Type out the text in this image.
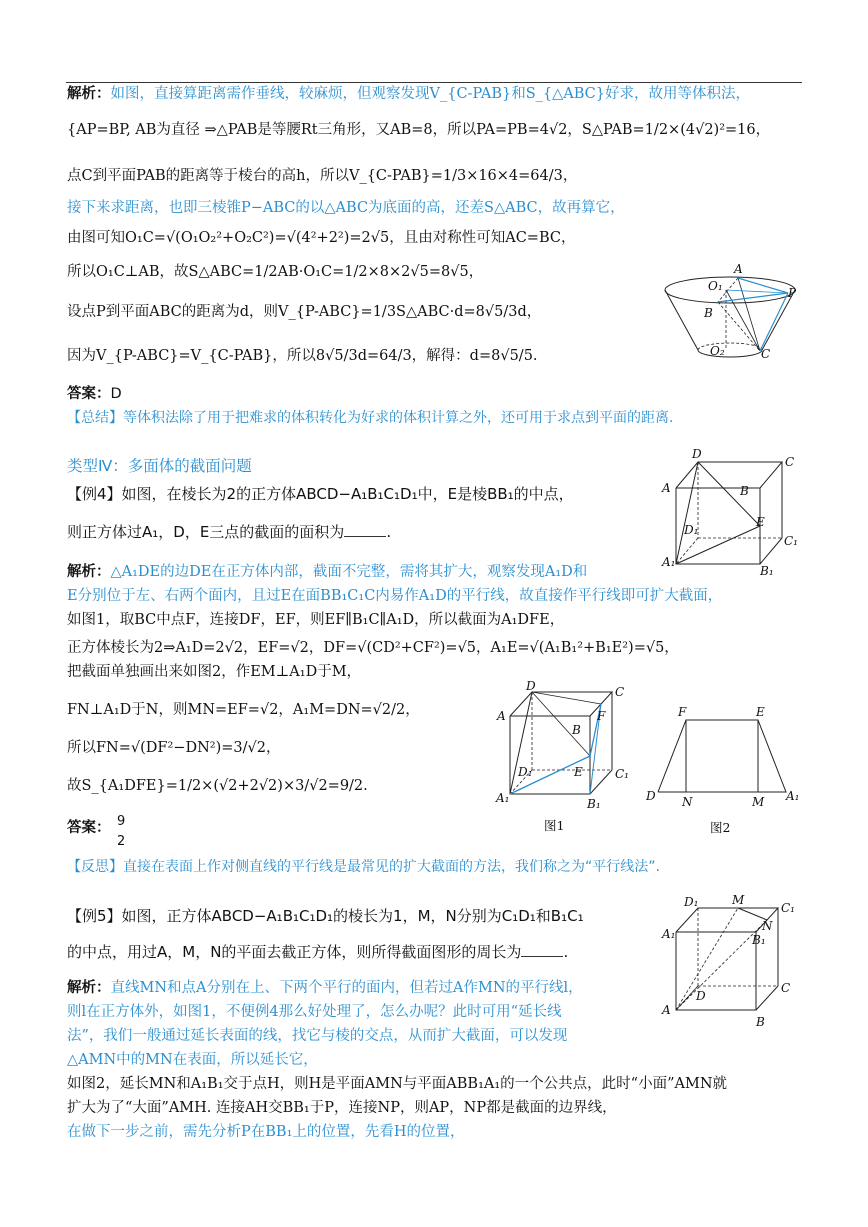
解析：如图，直接算距离需作垂线，较麻烦，但观察发现V_{C-PAB}和S_{△ABC}好求，故用等体积法，
{AP=BP, AB为直径 ⇒△PAB是等腰Rt三角形，又AB=8，所以PA=PB=4√2，S△PAB=1/2×(4√2)²=16，
点C到平面PAB的距离等于棱台的高h，所以V_{C-PAB}=1/3×16×4=64/3，
接下来求距离，也即三棱锥P−ABC的以△ABC为底面的高，还差S△ABC，故再算它，
由图可知O₁C=√(O₁O₂²+O₂C²)=√(4²+2²)=2√5，且由对称性可知AC=BC，
所以O₁C⊥AB，故S△ABC=1/2AB·O₁C=1/2×8×2√5=8√5，
设点P到平面ABC的距离为d，则V_{P-ABC}=1/3S△ABC·d=8√5/3d，
因为V_{P-ABC}=V_{C-PAB}，所以8√5/3d=64/3，解得：d=8√5/5.
答案：D
【总结】等体积法除了用于把难求的体积转化为好求的体积计算之外，还可用于求点到平面的距离.
A
O₁	P
B
O₂	C
类型Ⅳ：多面体的截面问题
【例4】如图，在棱长为2的正方体ABCD−A₁B₁C₁D₁中，E是棱BB₁的中点，
则正方体过A₁，D，E三点的截面的面积为	.
D
C
A	B
E
D₁
C₁
A₁
B₁
解析：△A₁DE的边DE在正方体内部，截面不完整，需将其扩大，观察发现A₁D和
E分别位于左、右两个面内，且过E在面BB₁C₁C内易作A₁D的平行线，故直接作平行线即可扩大截面，
如图1，取BC中点F，连接DF，EF，则EF∥B₁C∥A₁D，所以截面为A₁DFE，
正方体棱长为2⇒A₁D=2√2，EF=√2，DF=√(CD²+CF²)=√5，A₁E=√(A₁B₁²+B₁E²)=√5，
把截面单独画出来如图2，作EM⊥A₁D于M，
FN⊥A₁D于N，则MN=EF=√2，A₁M=DN=√2/2，
所以FN=√(DF²−DN²)=3/√2，
故S_{A₁DFE}=1/2×(√2+2√2)×3/√2=9/2.
答案： 9
2
【反思】直接在表面上作对侧直线的平行线是最常见的扩大截面的方法，我们称之为“平行线法”.
D	C
A
B
F
E
D₁	C₁
A₁	B₁
图1
F	E
D N	M A₁
图2
【例5】如图，正方体ABCD−A₁B₁C₁D₁的棱长为1，M，N分别为C₁D₁和B₁C₁
的中点，用过A，M，N的平面去截正方体，则所得截面图形的周长为	.
D₁	M
C₁
A₁
N
B₁
D
C
A
B
解析：直线MN和点A分别在上、下两个平行的面内，但若过A作MN的平行线l，
则l在正方体外，如图1，不便例4那么好处理了，怎么办呢？此时可用“延长线
法”，我们一般通过延长表面的线，找它与棱的交点，从而扩大截面，可以发现
△AMN中的MN在表面，所以延长它，
如图2，延长MN和A₁B₁交于点H，则H是平面AMN与平面ABB₁A₁的一个公共点，此时“小面”AMN就
扩大为了“大面”AMH. 连接AH交BB₁于P，连接NP，则AP，NP都是截面的边界线，
在做下一步之前，需先分析P在BB₁上的位置，先看H的位置，
